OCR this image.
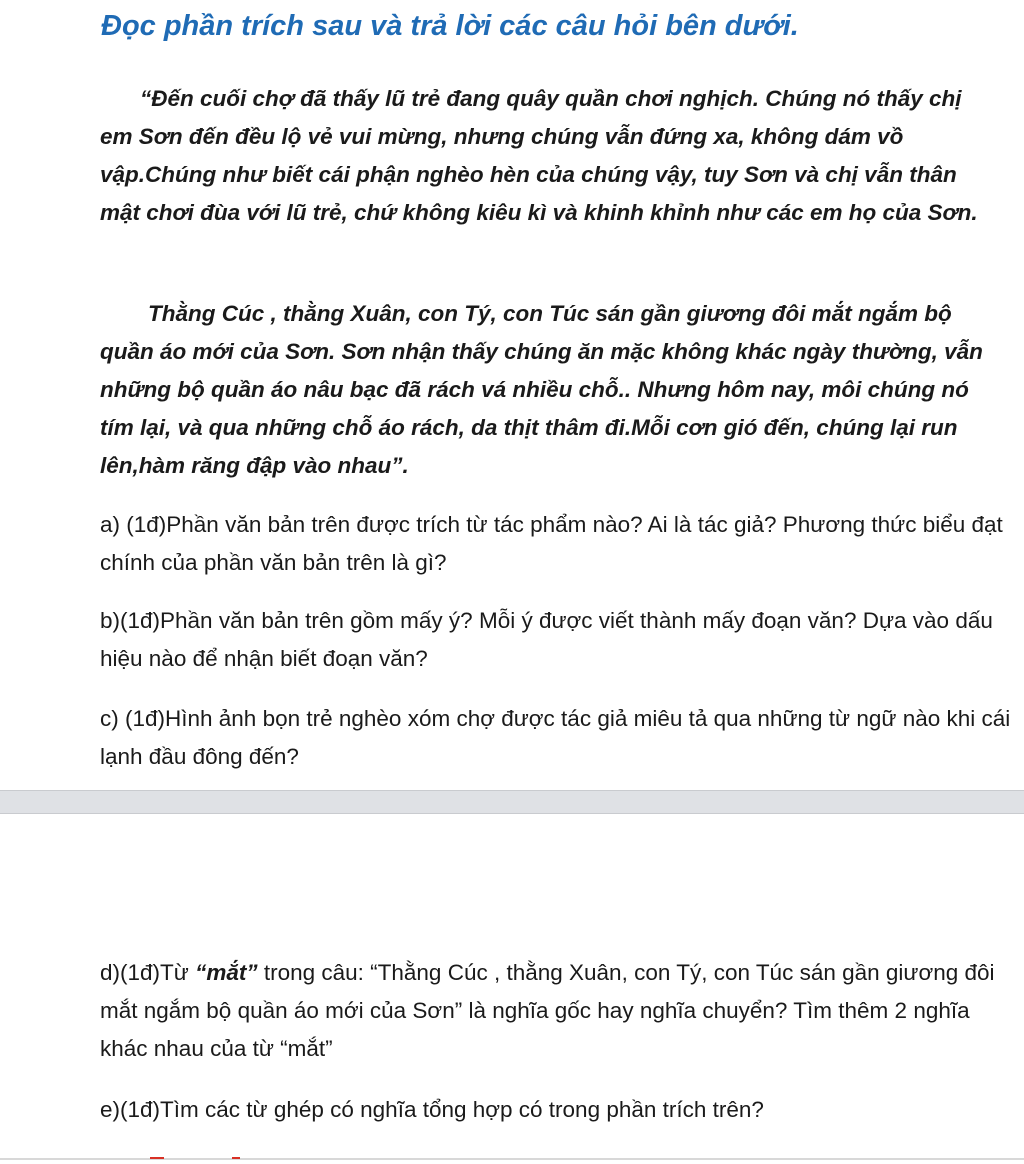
Đọc phần trích sau và trả lời các câu hỏi bên dưới.

“Đến cuối chợ đã thấy lũ trẻ đang quây quần chơi nghịch. Chúng nó thấy chị em Sơn đến đều lộ vẻ vui mừng, nhưng chúng vẫn đứng xa, không dám vồ vập.Chúng như biết cái phận nghèo hèn của chúng vậy, tuy Sơn và chị vẫn thân mật chơi đùa với lũ trẻ, chứ không kiêu kì và khinh khỉnh như các em họ của Sơn.

Thằng Cúc , thằng Xuân, con Tý, con Túc sán gần giương đôi mắt ngắm bộ quần áo mới của Sơn. Sơn nhận thấy chúng ăn mặc không khác ngày thường, vẫn những bộ quần áo nâu bạc đã rách vá nhiều chỗ.. Nhưng hôm nay, môi chúng nó tím lại, và qua những chỗ áo rách, da thịt thâm đi.Mỗi cơn gió đến, chúng lại run lên,hàm răng đập vào nhau”.

a) (1đ)Phần văn bản trên được trích từ tác phẩm nào? Ai là tác giả? Phương thức biểu đạt chính của phần văn bản trên là gì?

b)(1đ)Phần văn bản trên gồm mấy ý? Mỗi ý được viết thành mấy đoạn văn? Dựa vào dấu hiệu nào để nhận biết đoạn văn?

c) (1đ)Hình ảnh bọn trẻ nghèo xóm chợ được tác giả miêu tả qua những từ ngữ nào khi cái lạnh đầu đông đến?

d)(1đ)Từ “mắt” trong câu: “Thằng Cúc , thằng Xuân, con Tý, con Túc sán gần giương đôi mắt ngắm bộ quần áo mới của Sơn” là nghĩa gốc hay nghĩa chuyển? Tìm thêm 2 nghĩa khác nhau của từ “mắt”

e)(1đ)Tìm các từ ghép có nghĩa tổng hợp có trong phần trích trên?
